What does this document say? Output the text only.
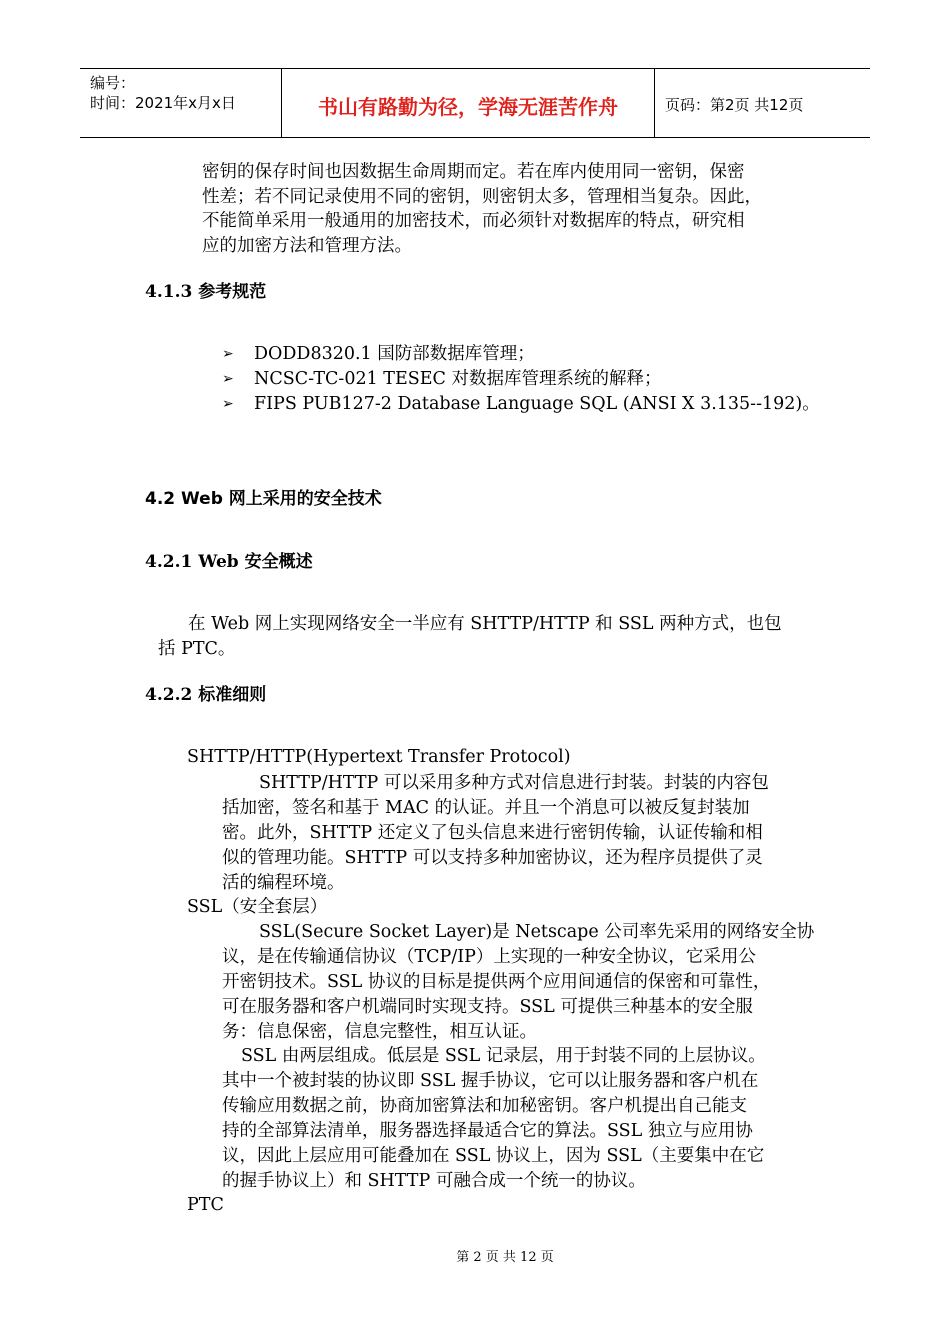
编号：
时间：2021年x月x日	书山有路勤为径，学海无涯苦作舟	页码：第2页 共12页
密钥的保存时间也因数据生命周期而定。若在库内使用同一密钥，保密
性差；若不同记录使用不同的密钥，则密钥太多，管理相当复杂。因此，
不能简单采用一般通用的加密技术，而必须针对数据库的特点，研究相
应的加密方法和管理方法。
4.1.3 参考规范
➢	DODD8320.1 国防部数据库管理；
➢	NCSC-TC-021 TESEC 对数据库管理系统的解释；
➢	FIPS PUB127-2 Database Language SQL (ANSI X 3.135--192)。
4.2 Web 网上采用的安全技术
4.2.1 Web 安全概述
在 Web 网上实现网络安全一半应有 SHTTP/HTTP 和 SSL 两种方式，也包
括 PTC。
4.2.2 标准细则
SHTTP/HTTP(Hypertext Transfer Protocol)
SHTTP/HTTP 可以采用多种方式对信息进行封装。封装的内容包
括加密，签名和基于 MAC 的认证。并且一个消息可以被反复封装加
密。此外，SHTTP 还定义了包头信息来进行密钥传输，认证传输和相
似的管理功能。SHTTP 可以支持多种加密协议，还为程序员提供了灵
活的编程环境。
SSL（安全套层）
SSL(Secure Socket Layer)是 Netscape 公司率先采用的网络安全协
议，是在传输通信协议（TCP/IP）上实现的一种安全协议，它采用公
开密钥技术。SSL 协议的目标是提供两个应用间通信的保密和可靠性，
可在服务器和客户机端同时实现支持。SSL 可提供三种基本的安全服
务：信息保密，信息完整性，相互认证。
SSL 由两层组成。低层是 SSL 记录层，用于封装不同的上层协议。
其中一个被封装的协议即 SSL 握手协议，它可以让服务器和客户机在
传输应用数据之前，协商加密算法和加秘密钥。客户机提出自己能支
持的全部算法清单，服务器选择最适合它的算法。SSL 独立与应用协
议，因此上层应用可能叠加在 SSL 协议上，因为 SSL（主要集中在它
的握手协议上）和 SHTTP 可融合成一个统一的协议。
PTC
第 2 页 共 12 页
